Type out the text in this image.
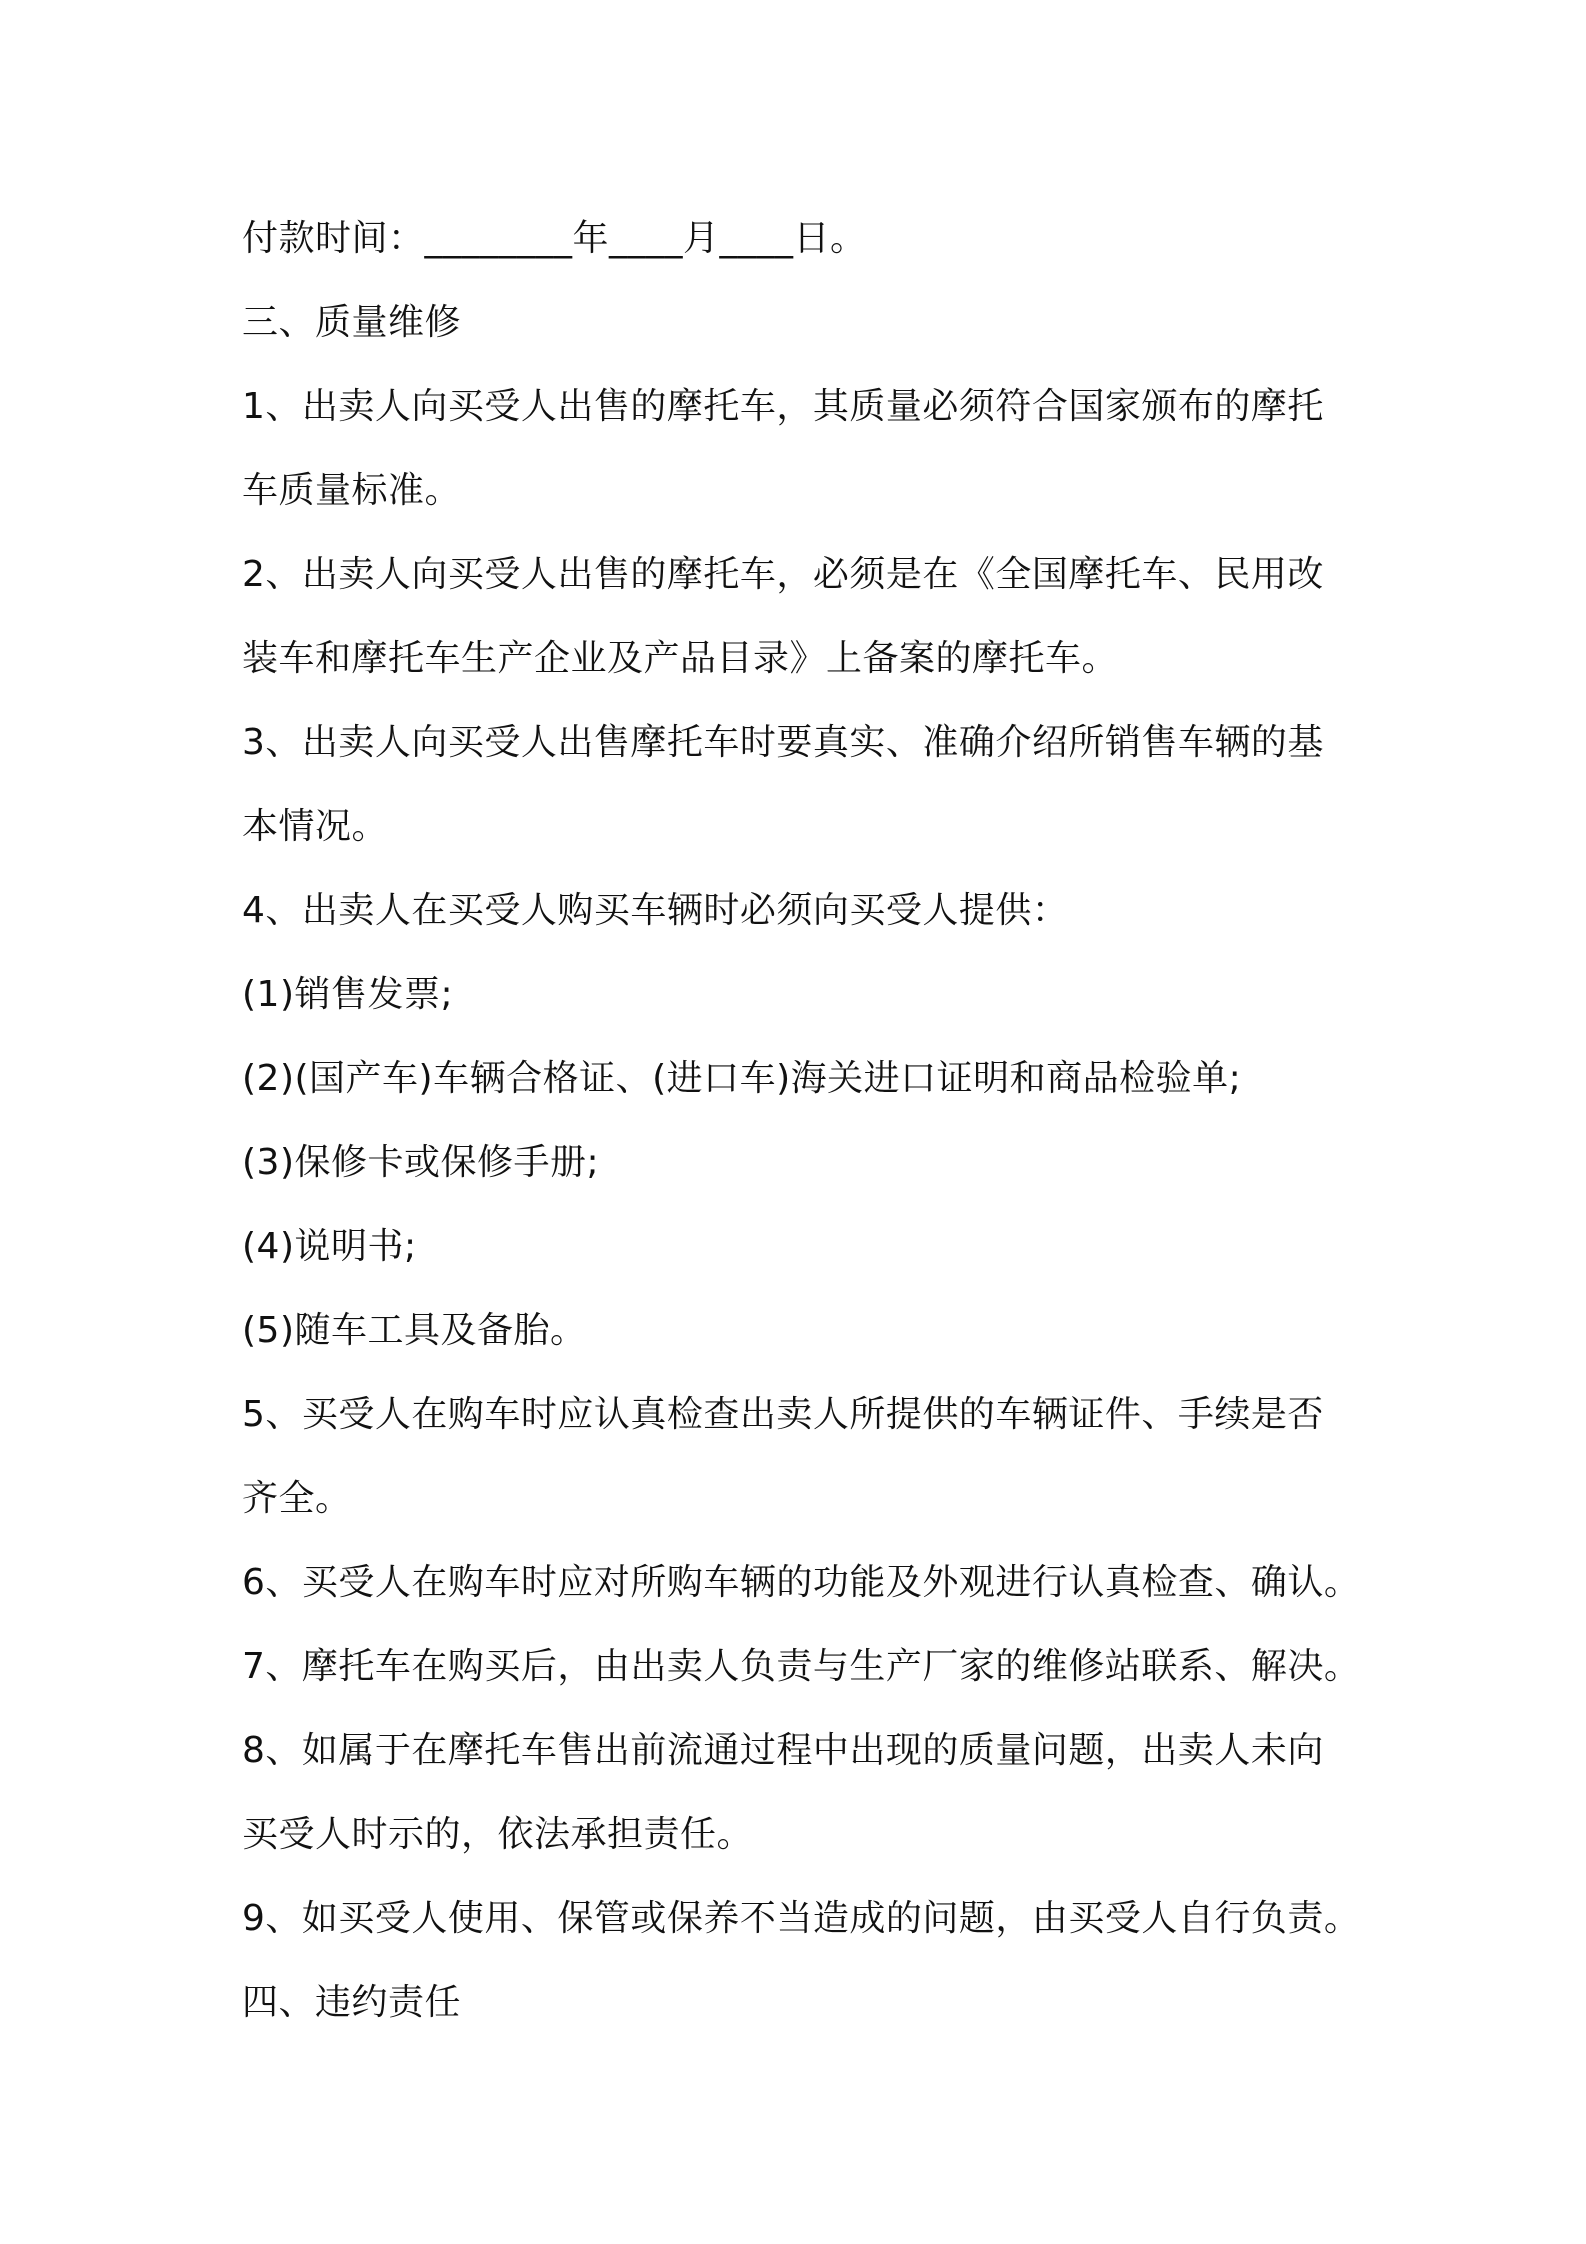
付款时间：________年____月____日。
三、质量维修
1、出卖人向买受人出售的摩托车，其质量必须符合国家颁布的摩托
车质量标准。
2、出卖人向买受人出售的摩托车，必须是在《全国摩托车、民用改
装车和摩托车生产企业及产品目录》上备案的摩托车。
3、出卖人向买受人出售摩托车时要真实、准确介绍所销售车辆的基
本情况。
4、出卖人在买受人购买车辆时必须向买受人提供：
(1)销售发票;
(2)(国产车)车辆合格证、(进口车)海关进口证明和商品检验单;
(3)保修卡或保修手册;
(4)说明书;
(5)随车工具及备胎。
5、买受人在购车时应认真检查出卖人所提供的车辆证件、手续是否
齐全。
6、买受人在购车时应对所购车辆的功能及外观进行认真检查、确认。
7、摩托车在购买后，由出卖人负责与生产厂家的维修站联系、解决。
8、如属于在摩托车售出前流通过程中出现的质量问题，出卖人未向
买受人时示的，依法承担责任。
9、如买受人使用、保管或保养不当造成的问题，由买受人自行负责。
四、违约责任
